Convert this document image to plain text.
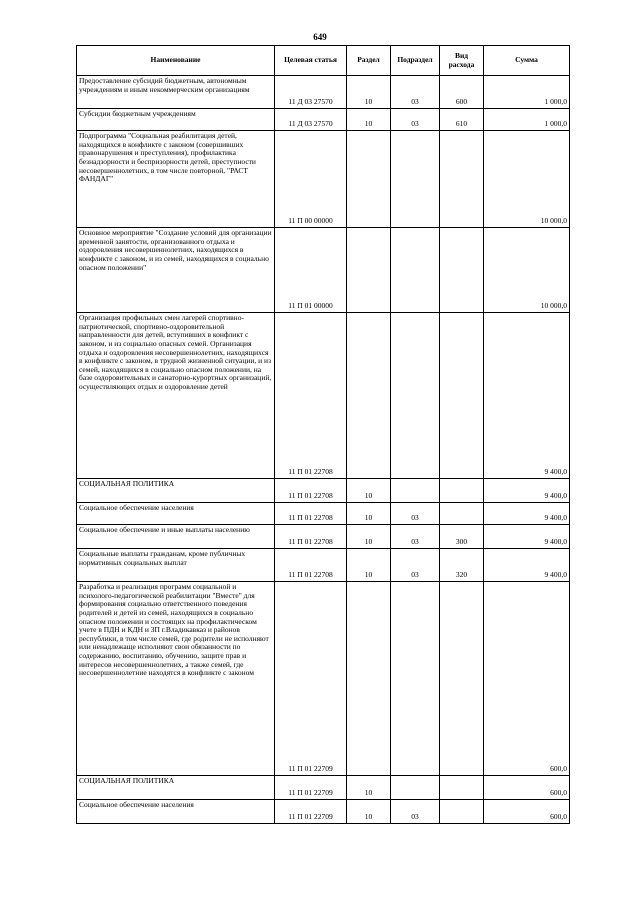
649
Наименование	Целевая статья	Раздел	Подраздел	Вид расхода	Сумма
Предоставление субсидий бюджетным, автономным учреждениям и иным некоммерческим организациям	11 Д 03 27570	10	03	600	1 000,0
Субсидии бюджетным учреждениям	11 Д 03 27570	10	03	610	1 000,0
Подпрограмма "Социальная реабилитация детей, находящихся в конфликте с законом (совершивших правонарушения и преступления), профилактика безнадзорности и беспризорности детей, преступности несовершеннолетних, в том числе повторной, "РАСТ ФАНДАГ"	11 П 00 00000				10 000,0
Основное мероприятие "Создание условий для организации временной занятости, организованного отдыха и оздоровления несовершеннолетних, находящихся в конфликте с законом, и из семей, находящихся в социально опасном положении"	11 П 01 00000				10 000,0
Организация профильных смен лагерей спортивно-патриотической, спортивно-оздоровительной направленности для детей, вступивших в конфликт с законом, и из социально опасных семей. Организация отдыха и оздоровления несовершеннолетних, находящихся в конфликте с законом, в трудной жизненной ситуации, и из семей, находящихся в социально опасном положении, на базе оздоровительных и санаторно-курортных организаций, осуществляющих отдых и оздоровление детей	11 П 01 22708				9 400,0
СОЦИАЛЬНАЯ ПОЛИТИКА	11 П 01 22708	10			9 400,0
Социальное обеспечение населения	11 П 01 22708	10	03		9 400,0
Социальное обеспечение и иные выплаты населению	11 П 01 22708	10	03	300	9 400,0
Социальные выплаты гражданам, кроме публичных нормативных социальных выплат	11 П 01 22708	10	03	320	9 400,0
Разработка и реализация программ социальной и психолого-педагогической реабилитации "Вместе" для формирования социально ответственного поведения родителей и детей из семей, находящихся в социально опасном положении и состоящих на профилактическом учете в ПДН и КДН и ЗП г.Владикавказ и районов республики, в том числе семей, где родители не исполняют или ненадлежаще исполняют свои обязанности по содержанию, воспитанию, обучению, защите прав и интересов несовершеннолетних, а также семей, где несовершеннолетние находятся в конфликте с законом	11 П 01 22709				600,0
СОЦИАЛЬНАЯ ПОЛИТИКА	11 П 01 22709	10			600,0
Социальное обеспечение населения	11 П 01 22709	10	03		600,0
